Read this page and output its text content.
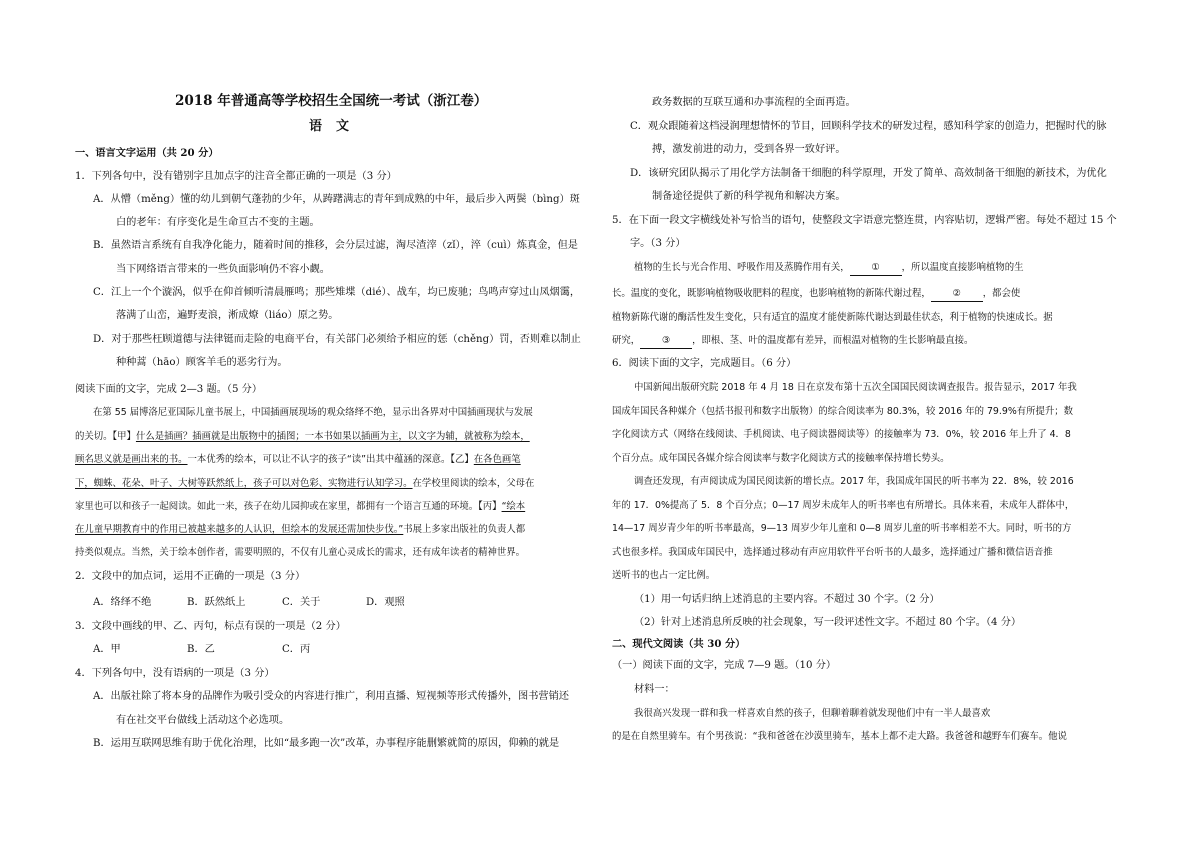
2018 年普通高等学校招生全国统一考试（浙江卷）
语文
一、语言文字运用（共 20 分）
1．下列各句中，没有错别字且加点字的注音全都正确的一项是（3 分）
A．从懵（měng）懂的幼儿到朝气蓬勃的少年，从踌躇满志的青年到成熟的中年，最后步入两鬓（bìng）斑
白的老年：有序变化是生命亘古不变的主题。
B．虽然语言系统有自我净化能力，随着时间的推移，会分层过滤，淘尽渣滓（zǐ），淬（cuì）炼真金，但是
当下网络语言带来的一些负面影响仍不容小觑。
C．江上一个个漩涡，似乎在仰首倾听清晨雁鸣；那些雉堞（dié）、战车，均已废驰；鸟鸣声穿过山凤烟霭，
落满了山峦，遍野麦浪，淅成燎（liáo）原之势。
D．对于那些枉顾道德与法律铤而走险的电商平台，有关部门必须给予相应的惩（chěng）罚，否则难以制止
种种蒿（hāo）顾客羊毛的恶劣行为。
阅读下面的文字，完成 2—3 题。（5 分）
在第 55 届博洛尼亚国际儿童书展上，中国插画展现场的观众络绎不绝，显示出各界对中国插画现状与发展
的关切。【甲】什么是插画？插画就是出版物中的插图；一本书如果以插画为主，以文字为辅，就被称为绘本，
顾名思义就是画出来的书。一本优秀的绘本，可以让不认字的孩子“读”出其中蕴涵的深意。【乙】在各色画笔
下，蜘蛛、花朵、叶子、大树等跃然纸上，孩子可以对色彩、实物进行认知学习。在学校里阅读的绘本，父母在
家里也可以和孩子一起阅读。如此一来，孩子在幼儿园抑或在家里，都拥有一个语言互通的环境。【丙】“绘本
在儿童早期教育中的作用已被越来越多的人认识，但绘本的发展还需加快步伐。”书展上多家出版社的负责人都
持类似观点。当然，关于绘本创作者，需要明照的，不仅有儿童心灵成长的需求，还有成年读者的精神世界。
2．文段中的加点词，运用不正确的一项是（3 分）
A．络绎不绝	B．跃然纸上	C．关于	D．观照
3．文段中画线的甲、乙、丙句，标点有误的一项是（2 分）
A．甲	B．乙	C．丙
4．下列各句中，没有语病的一项是（3 分）
A．出版社除了将本身的品牌作为吸引受众的内容进行推广，利用直播、短视频等形式传播外，图书营销还
有在社交平台做线上活动这个必选项。
B．运用互联网思维有助于优化治理，比如“最多跑一次”改革，办事程序能删繁就简的原因，仰赖的就是
政务数据的互联互通和办事流程的全面再造。
C．观众跟随着这档浸润理想情怀的节目，回顾科学技术的研发过程，感知科学家的创造力，把握时代的脉
搏，激发前进的动力，受到各界一致好评。
D．该研究团队揭示了用化学方法制备干细胞的科学原理，开发了简单、高效制备干细胞的新技术，为优化
制备途径提供了新的科学视角和解决方案。
5．在下面一段文字横线处补写恰当的语句，使整段文字语意完整连贯，内容贴切，逻辑严密。每处不超过 15 个
字。（3 分）
植物的生长与光合作用、呼吸作用及蒸腾作用有关， ① ，所以温度直接影响植物的生
长。温度的变化，既影响植物吸收肥料的程度，也影响植物的新陈代谢过程， ② ，都会使
植物新陈代谢的酶活性发生变化，只有适宜的温度才能使新陈代谢达到最佳状态，利于植物的快速成长。据
研究， ③ ，即根、茎、叶的温度都有差异，而根温对植物的生长影响最直接。
6．阅读下面的文字，完成题目。（6 分）
中国新闻出版研究院 2018 年 4 月 18 日在京发布第十五次全国国民阅读调查报告。报告显示，2017 年我
国成年国民各种媒介（包括书报刊和数字出版物）的综合阅读率为 80.3%，较 2016 年的 79.9%有所提升；数
字化阅读方式（网络在线阅读、手机阅读、电子阅读器阅读等）的接触率为 73．0%，较 2016 年上升了 4．8
个百分点。成年国民各媒介综合阅读率与数字化阅读方式的接触率保持增长势头。
调查还发现，有声阅读成为国民阅读新的增长点。2017 年，我国成年国民的听书率为 22．8%，较 2016
年的 17．0%提高了 5．8 个百分点；0—17 周岁未成年人的听书率也有所增长。具体来看，未成年人群体中，
14—17 周岁青少年的听书率最高，9—13 周岁少年儿童和 0—8 周岁儿童的听书率相差不大。同时，听书的方
式也很多样。我国成年国民中，选择通过移动有声应用软件平台听书的人最多，选择通过广播和微信语音推
送听书的也占一定比例。
（1）用一句话归纳上述消息的主要内容。不超过 30 个字。（2 分）
（2）针对上述消息所反映的社会现象，写一段评述性文字。不超过 80 个字。（4 分）
二、现代文阅读（共 30 分）
（一）阅读下面的文字，完成 7—9 题。（10 分）
材料一：
我很高兴发现一群和我一样喜欢自然的孩子，但聊着聊着就发现他们中有一半人最喜欢
的是在自然里骑车。有个男孩说：“我和爸爸在沙漠里骑车，基本上都不走大路。我爸爸和越野车们赛车。他说
